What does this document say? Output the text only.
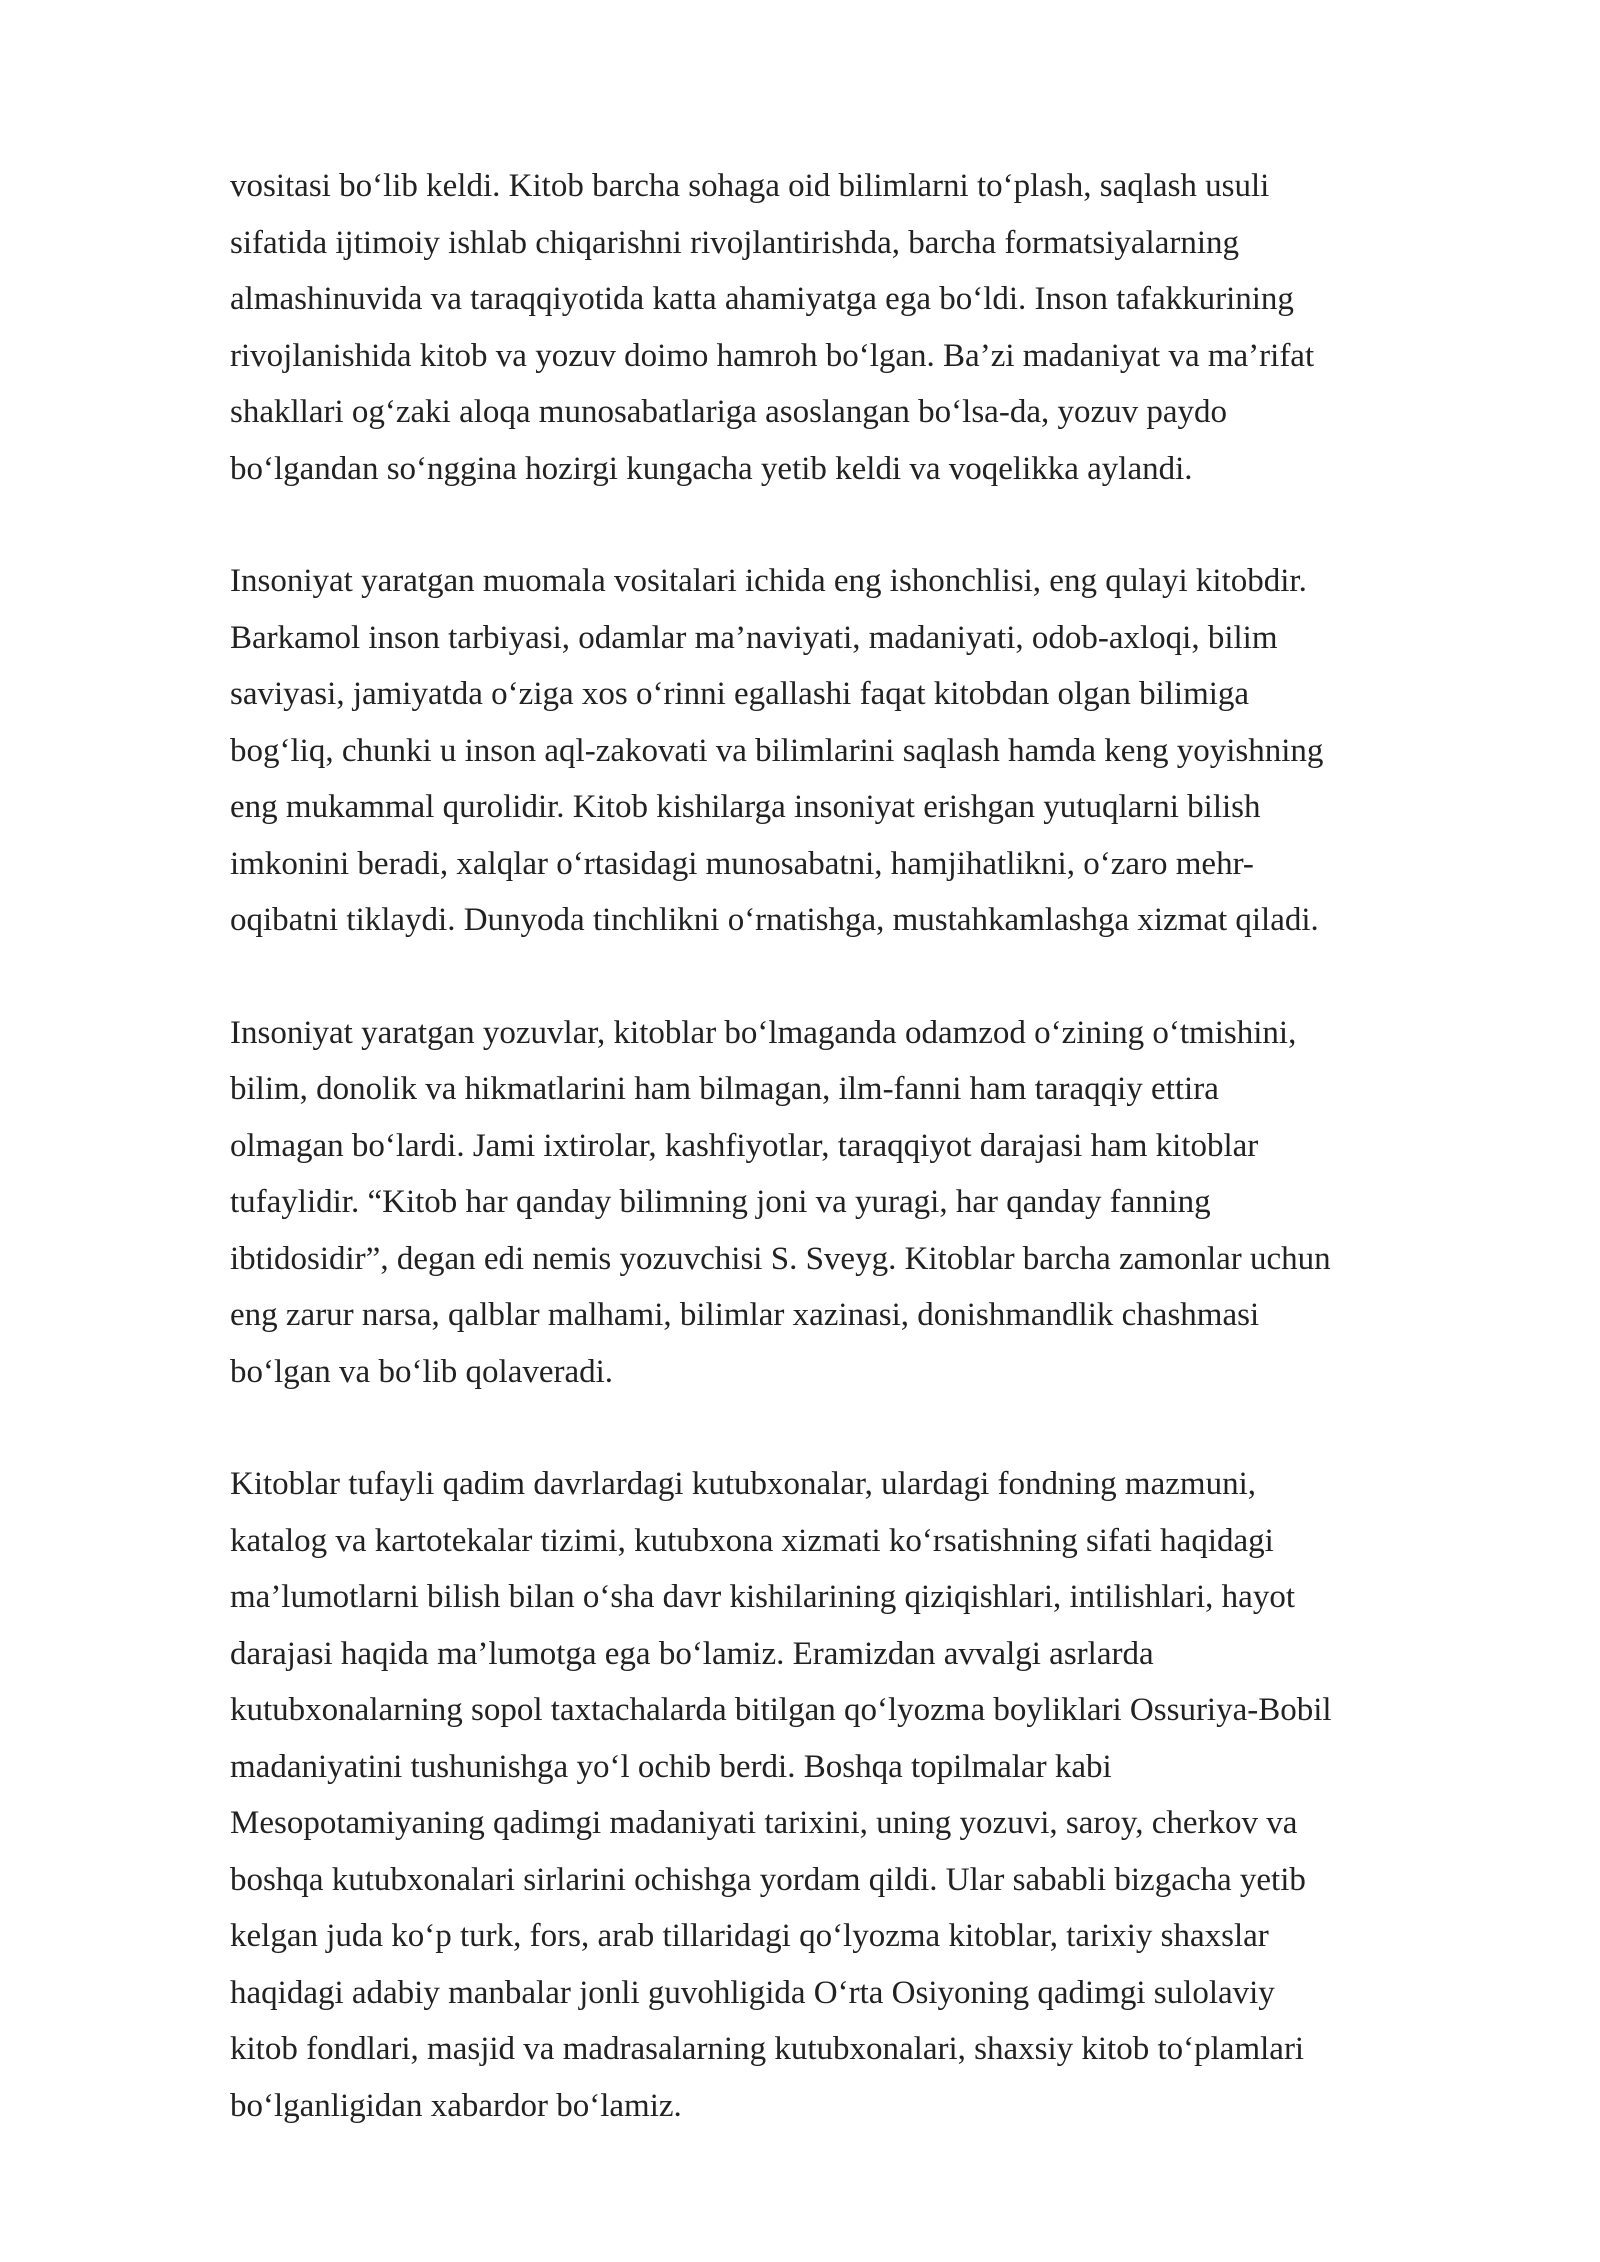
vositasi bo‘lib keldi. Kitob barcha sohaga oid bilimlarni to‘plash, saqlash usuli
sifatida ijtimoiy ishlab chiqarishni rivojlantirishda, barcha formatsiyalarning
almashinuvida va taraqqiyotida katta ahamiyatga ega bo‘ldi. Inson tafakkurining
rivojlanishida kitob va yozuv doimo hamroh bo‘lgan. Ba’zi madaniyat va ma’rifat
shakllari og‘zaki aloqa munosabatlariga asoslangan bo‘lsa-da, yozuv paydo
bo‘lgandan so‘nggina hozirgi kungacha yetib keldi va voqelikka aylandi.

Insoniyat yaratgan muomala vositalari ichida eng ishonchlisi, eng qulayi kitobdir.
Barkamol inson tarbiyasi, odamlar ma’naviyati, madaniyati, odob-axloqi, bilim
saviyasi, jamiyatda o‘ziga xos o‘rinni egallashi faqat kitobdan olgan bilimiga
bog‘liq, chunki u inson aql-zakovati va bilimlarini saqlash hamda keng yoyishning
eng mukammal qurolidir. Kitob kishilarga insoniyat erishgan yutuqlarni bilish
imkonini beradi, xalqlar o‘rtasidagi munosabatni, hamjihatlikni, o‘zaro mehr-
oqibatni tiklaydi. Dunyoda tinchlikni o‘rnatishga, mustahkamlashga xizmat qiladi.

Insoniyat yaratgan yozuvlar, kitoblar bo‘lmaganda odamzod o‘zining o‘tmishini,
bilim, donolik va hikmatlarini ham bilmagan, ilm-fanni ham taraqqiy ettira
olmagan bo‘lardi. Jami ixtirolar, kashfiyotlar, taraqqiyot darajasi ham kitoblar
tufaylidir. “Kitob har qanday bilimning joni va yuragi, har qanday fanning
ibtidosidir”, degan edi nemis yozuvchisi S. Sveyg. Kitoblar barcha zamonlar uchun
eng zarur narsa, qalblar malhami, bilimlar xazinasi, donishmandlik chashmasi
bo‘lgan va bo‘lib qolaveradi.

Kitoblar tufayli qadim davrlardagi kutubxonalar, ulardagi fondning mazmuni,
katalog va kartotekalar tizimi, kutubxona xizmati ko‘rsatishning sifati haqidagi
ma’lumotlarni bilish bilan o‘sha davr kishilarining qiziqishlari, intilishlari, hayot
darajasi haqida ma’lumotga ega bo‘lamiz. Eramizdan avvalgi asrlarda
kutubxonalarning sopol taxtachalarda bitilgan qo‘lyozma boyliklari Ossuriya-Bobil
madaniyatini tushunishga yo‘l ochib berdi. Boshqa topilmalar kabi
Mesopotamiyaning qadimgi madaniyati tarixini, uning yozuvi, saroy, cherkov va
boshqa kutubxonalari sirlarini ochishga yordam qildi. Ular sababli bizgacha yetib
kelgan juda ko‘p turk, fors, arab tillaridagi qo‘lyozma kitoblar, tarixiy shaxslar
haqidagi adabiy manbalar jonli guvohligida O‘rta Osiyoning qadimgi sulolaviy
kitob fondlari, masjid va madrasalarning kutubxonalari, shaxsiy kitob to‘plamlari
bo‘lganligidan xabardor bo‘lamiz.
